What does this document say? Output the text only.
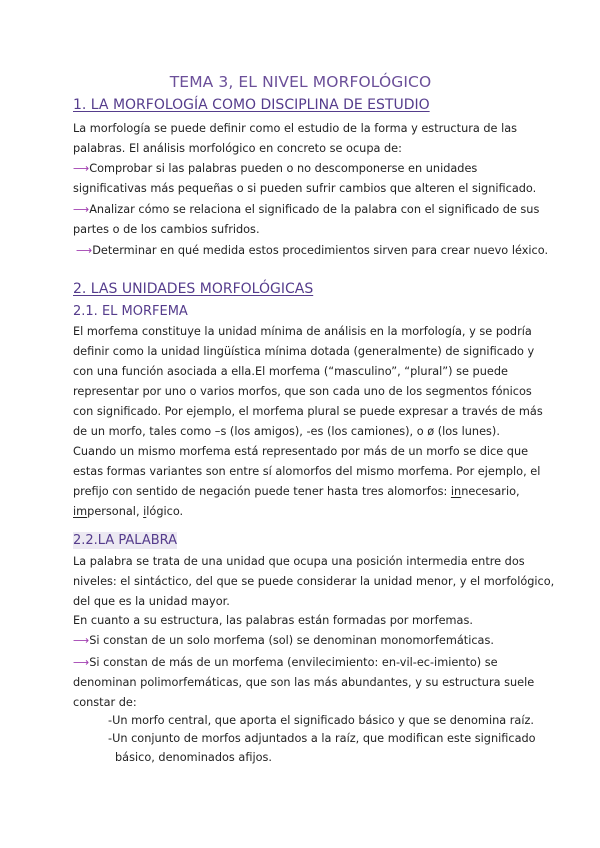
TEMA 3, EL NIVEL MORFOLÓGICO
1. LA MORFOLOGÍA COMO DISCIPLINA DE ESTUDIO
La morfología se puede definir como el estudio de la forma y estructura de las
palabras. El análisis morfológico en concreto se ocupa de:
⟶Comprobar si las palabras pueden o no descomponerse en unidades
significativas más pequeñas o si pueden sufrir cambios que alteren el significado.
⟶Analizar cómo se relaciona el significado de la palabra con el significado de sus
partes o de los cambios sufridos.
⟶Determinar en qué medida estos procedimientos sirven para crear nuevo léxico.
2. LAS UNIDADES MORFOLÓGICAS
2.1. EL MORFEMA
El morfema constituye la unidad mínima de análisis en la morfología, y se podría
definir como la unidad lingüística mínima dotada (generalmente) de significado y
con una función asociada a ella.El morfema (“masculino”, “plural”) se puede
representar por uno o varios morfos, que son cada uno de los segmentos fónicos
con significado. Por ejemplo, el morfema plural se puede expresar a través de más
de un morfo, tales como –s (los amigos), -es (los camiones), o ø (los lunes).
Cuando un mismo morfema está representado por más de un morfo se dice que
estas formas variantes son entre sí alomorfos del mismo morfema. Por ejemplo, el
prefijo con sentido de negación puede tener hasta tres alomorfos: innecesario,
impersonal, ilógico.
2.2.LA PALABRA
La palabra se trata de una unidad que ocupa una posición intermedia entre dos
niveles: el sintáctico, del que se puede considerar la unidad menor, y el morfológico,
del que es la unidad mayor.
En cuanto a su estructura, las palabras están formadas por morfemas.
⟶Si constan de un solo morfema (sol) se denominan monomorfemáticas.
⟶Si constan de más de un morfema (envilecimiento: en-vil-ec-imiento) se
denominan polimorfemáticas, que son las más abundantes, y su estructura suele
constar de:
-Un morfo central, que aporta el significado básico y que se denomina raíz.
-Un conjunto de morfos adjuntados a la raíz, que modifican este significado
básico, denominados afijos.
